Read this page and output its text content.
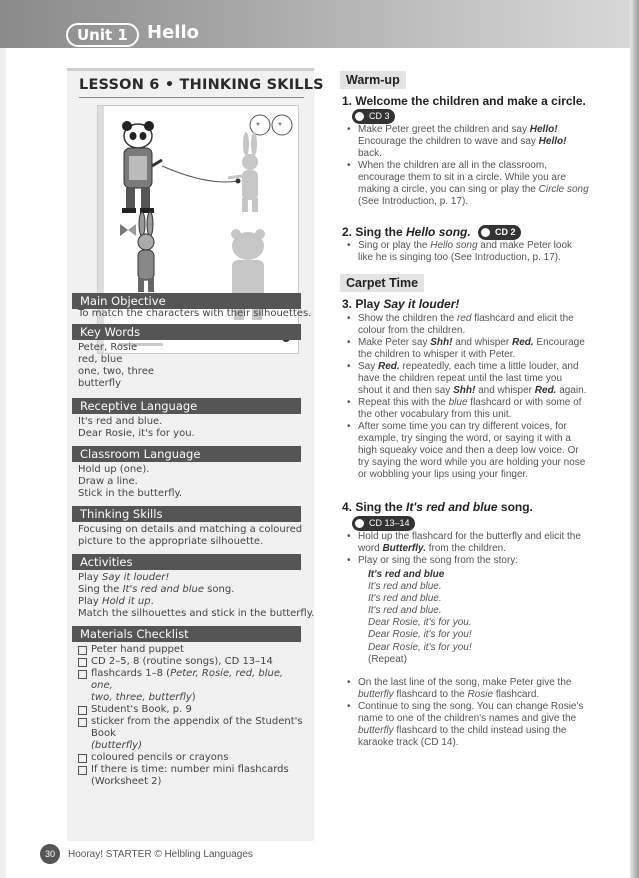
Unit 1	Hello
LESSON 6 • THINKING SKILLS
* *
Main Objective
To match the characters with their silhouettes.
Key Words
Peter, Rosie
red, blue
one, two, three
butterfly
Receptive Language
It's red and blue.
Dear Rosie, it's for you.
Classroom Language
Hold up (one).
Draw a line.
Stick in the butterfly.
Thinking Skills
Focusing on details and matching a coloured
picture to the appropriate silhouette.
Activities
Play Say it louder!
Sing the It's red and blue song.
Play Hold it up.
Match the silhouettes and stick in the butterfly.
Materials Checklist
Peter hand puppet
CD 2–5, 8 (routine songs), CD 13–14
flashcards 1–8 (Peter, Rosie, red, blue, one,
two, three, butterfly)
Student's Book, p. 9
sticker from the appendix of the Student's Book
(butterfly)
coloured pencils or crayons
If there is time: number mini flashcards
(Worksheet 2)
Warm-up
1. Welcome the children and make a circle.
CD 3
• Make Peter greet the children and say Hello!
Encourage the children to wave and say Hello!
back.
• When the children are all in the classroom,
encourage them to sit in a circle. While you are
making a circle, you can sing or play the Circle song
(See Introduction, p. 17).
2. Sing the Hello song.	CD 2
• Sing or play the Hello song and make Peter look
like he is singing too (See Introduction, p. 17).
Carpet Time
3. Play Say it louder!
• Show the children the red flashcard and elicit the
colour from the children.
• Make Peter say Shh! and whisper Red. Encourage
the children to whisper it with Peter.
• Say Red. repeatedly, each time a little louder, and
have the children repeat until the last time you
shout it and then say Shh! and whisper Red. again.
• Repeat this with the blue flashcard or with some of
the other vocabulary from this unit.
• After some time you can try different voices, for
example, try singing the word, or saying it with a
high squeaky voice and then a deep low voice. Or
try saying the word while you are holding your nose
or wobbling your lips using your finger.
4. Sing the It's red and blue song.
CD 13–14
• Hold up the flashcard for the butterfly and elicit the
word Butterfly. from the children.
• Play or sing the song from the story:
It's red and blue
It's red and blue.
It's red and blue.
It's red and blue.
Dear Rosie, it's for you.
Dear Rosie, it's for you!
Dear Rosie, it's for you!
(Repeat)
• On the last line of the song, make Peter give the
butterfly flashcard to the Rosie flashcard.
• Continue to sing the song. You can change Rosie's
name to one of the children's names and give the
butterfly flashcard to the child instead using the
karaoke track (CD 14).
30	Hooray! STARTER © Helbling Languages
